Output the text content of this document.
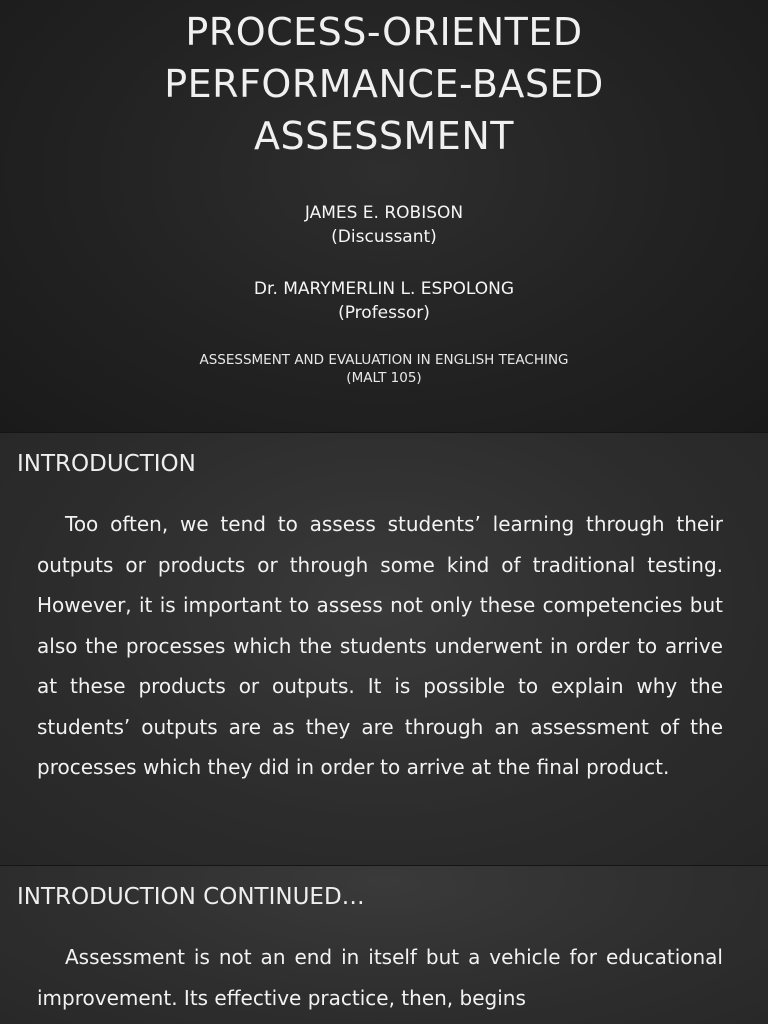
PROCESS-ORIENTED
PERFORMANCE-BASED
ASSESSMENT
JAMES E. ROBISON
(Discussant)
Dr. MARYMERLIN L. ESPOLONG
(Professor)
ASSESSMENT AND EVALUATION IN ENGLISH TEACHING
(MALT 105)
INTRODUCTION

Too often, we tend to assess students’ learning through their outputs or products or through some kind of traditional testing. However, it is important to assess not only these competencies but also the processes which the students underwent in order to arrive at these products or outputs. It is possible to explain why the students’ outputs are as they are through an assessment of the processes which they did in order to arrive at the final product.

INTRODUCTION CONTINUED…

Assessment is not an end in itself but a vehicle for educational improvement. Its effective practice, then, begins
